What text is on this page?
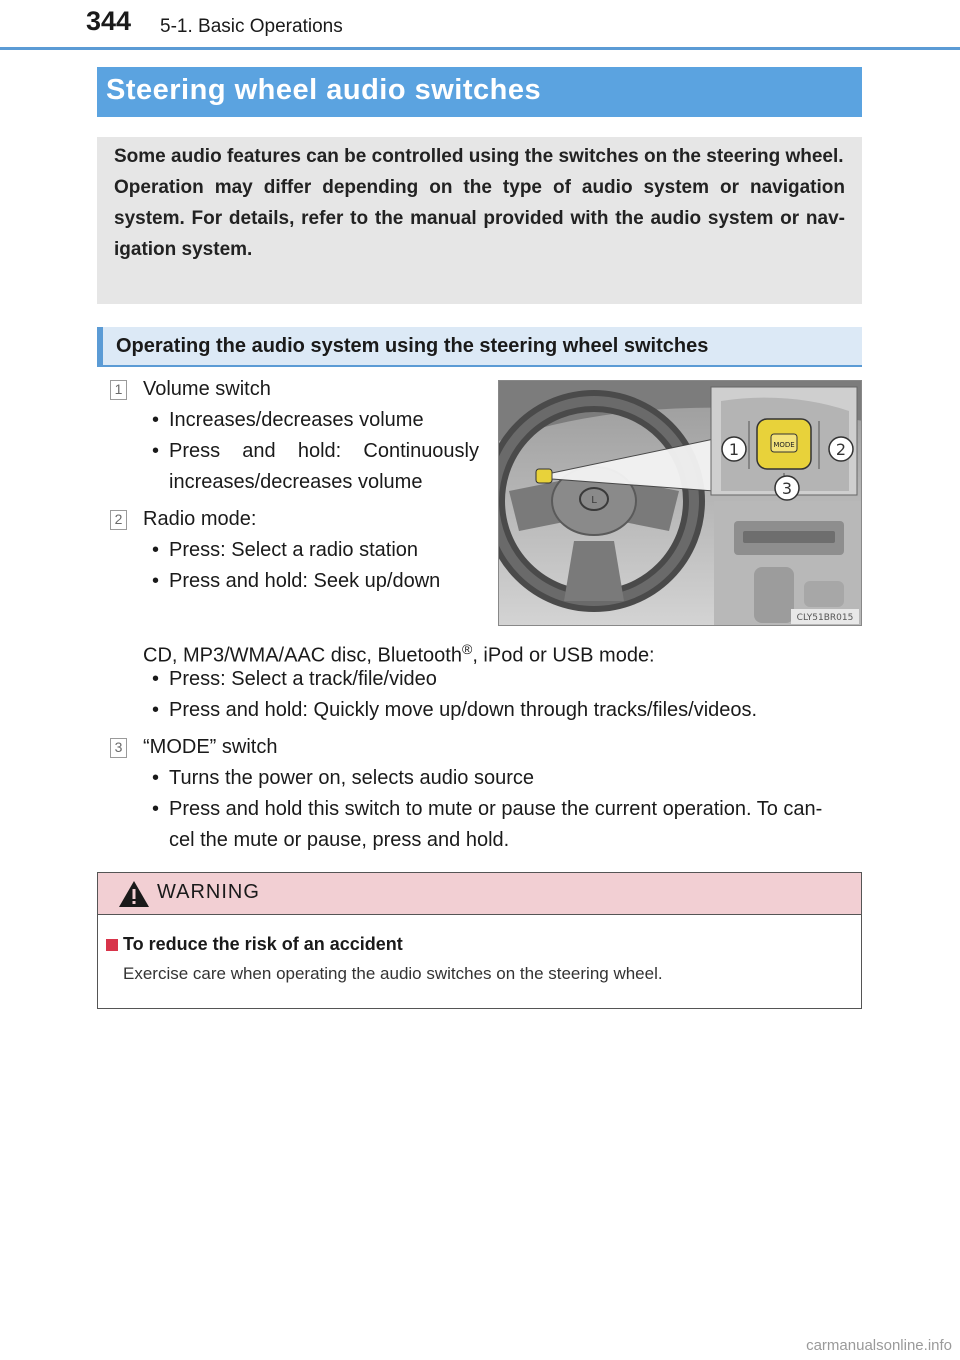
344 5-1. Basic Operations
Steering wheel audio switches

Some audio features can be controlled using the switches on the steering wheel.

Operation may differ depending on the type of audio system or navigation system. For details, refer to the manual provided with the audio system or nav-igation system.

Operating the audio system using the steering wheel switches
1 Volume switch
• Increases/decreases volume
• Press and hold: Continuously
increases/decreases volume
2 Radio mode:
• Press: Select a radio station
• Press and hold: Seek up/down
CD, MP3/WMA/AAC disc, Bluetooth®, iPod or USB mode:
• Press: Select a track/file/video
• Press and hold: Quickly move up/down through tracks/files/videos.
3 “MODE” switch
• Turns the power on, selects audio source
• Press and hold this switch to mute or pause the current operation. To can-
cel the mute or pause, press and hold.
L
MODE
1	2
3
CLY51BR015
WARNING
To reduce the risk of an accident
Exercise care when operating the audio switches on the steering wheel.
carmanualsonline.info
